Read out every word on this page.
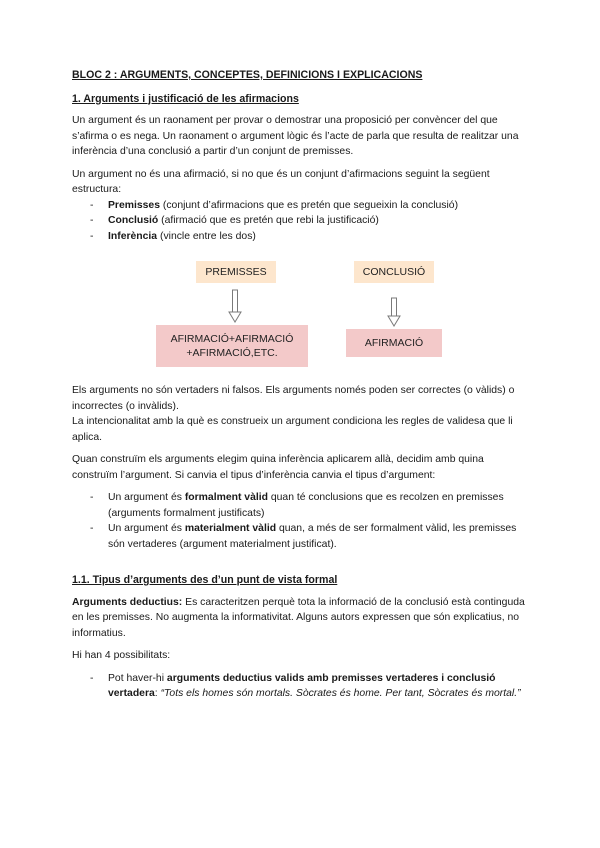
BLOC 2 : ARGUMENTS, CONCEPTES, DEFINICIONS I EXPLICACIONS

1. Arguments i justificació de les afirmacions

Un argument és un raonament per provar o demostrar una proposició per convèncer del que s’afirma o es nega. Un raonament o argument lògic és l’acte de parla que resulta de realitzar una inferència d’una conclusió a partir d’un conjunt de premisses.

Un argument no és una afirmació, si no que és un conjunt d’afirmacions seguint la següent estructura:

- Premisses (conjunt d’afirmacions que es pretén que segueixin la conclusió)
- Conclusió (afirmació que es pretén que rebi la justificació)
- Inferència (vincle entre les dos)
PREMISSES	CONCLUSIÓ
AFIRMACIÓ+AFIRMACIÓ
+AFIRMACIÓ,ETC.
AFIRMACIÓ

Els arguments no són vertaders ni falsos. Els arguments només poden ser correctes (o vàlids) o incorrectes (o invàlids).

La intencionalitat amb la què es construeix un argument condiciona les regles de validesa que li aplica.

Quan construïm els arguments elegim quina inferència aplicarem allà, decidim amb quina construïm l’argument. Si canvia el tipus d’inferència canvia el tipus d’argument:

- Un argument és formalment vàlid quan té conclusions que es recolzen en premisses (arguments formalment justificats)
- Un argument és materialment vàlid quan, a més de ser formalment vàlid, les premisses són vertaderes (argument materialment justificat).

1.1. Tipus d’arguments des d’un punt de vista formal

Arguments deductius: Es caracteritzen perquè tota la informació de la conclusió està continguda en les premisses. No augmenta la informativitat. Alguns autors expressen que són explicatius, no informatius.

Hi han 4 possibilitats:

- Pot haver-hi arguments deductius valids amb premisses vertaderes i conclusió vertadera: “Tots els homes són mortals. Sòcrates és home. Per tant, Sòcrates és mortal.”
